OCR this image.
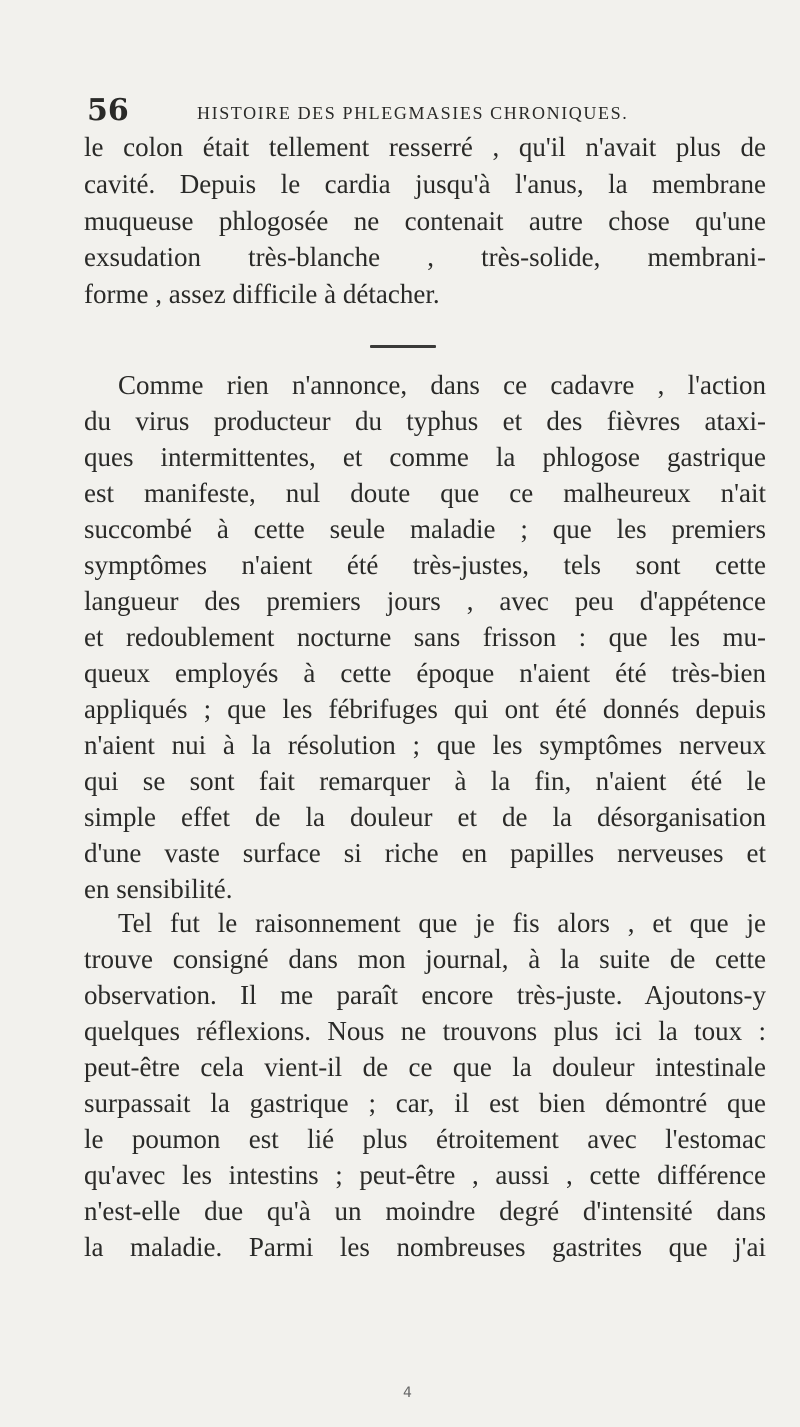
56	HISTOIRE DES PHLEGMASIES CHRONIQUES.
le colon était tellement resserré , qu'il n'avait plus de
cavité. Depuis le cardia jusqu'à l'anus, la membrane
muqueuse phlogosée ne contenait autre chose qu'une
exsudation très-blanche , très-solide, membrani-
forme , assez difficile à détacher.
Comme rien n'annonce, dans ce cadavre , l'action
du virus producteur du typhus et des fièvres ataxi-
ques intermittentes, et comme la phlogose gastrique
est manifeste, nul doute que ce malheureux n'ait
succombé à cette seule maladie ; que les premiers
symptômes n'aient été très-justes, tels sont cette
langueur des premiers jours , avec peu d'appétence
et redoublement nocturne sans frisson : que les mu-
queux employés à cette époque n'aient été très-bien
appliqués ; que les fébrifuges qui ont été donnés depuis
n'aient nui à la résolution ; que les symptômes nerveux
qui se sont fait remarquer à la fin, n'aient été le
simple effet de la douleur et de la désorganisation
d'une vaste surface si riche en papilles nerveuses et
en sensibilité.
Tel fut le raisonnement que je fis alors , et que je
trouve consigné dans mon journal, à la suite de cette
observation. Il me paraît encore très-juste. Ajoutons-y
quelques réflexions. Nous ne trouvons plus ici la toux :
peut-être cela vient-il de ce que la douleur intestinale
surpassait la gastrique ; car, il est bien démontré que
le poumon est lié plus étroitement avec l'estomac
qu'avec les intestins ; peut-être , aussi , cette différence
n'est-elle due qu'à un moindre degré d'intensité dans
la maladie. Parmi les nombreuses gastrites que j'ai
4
